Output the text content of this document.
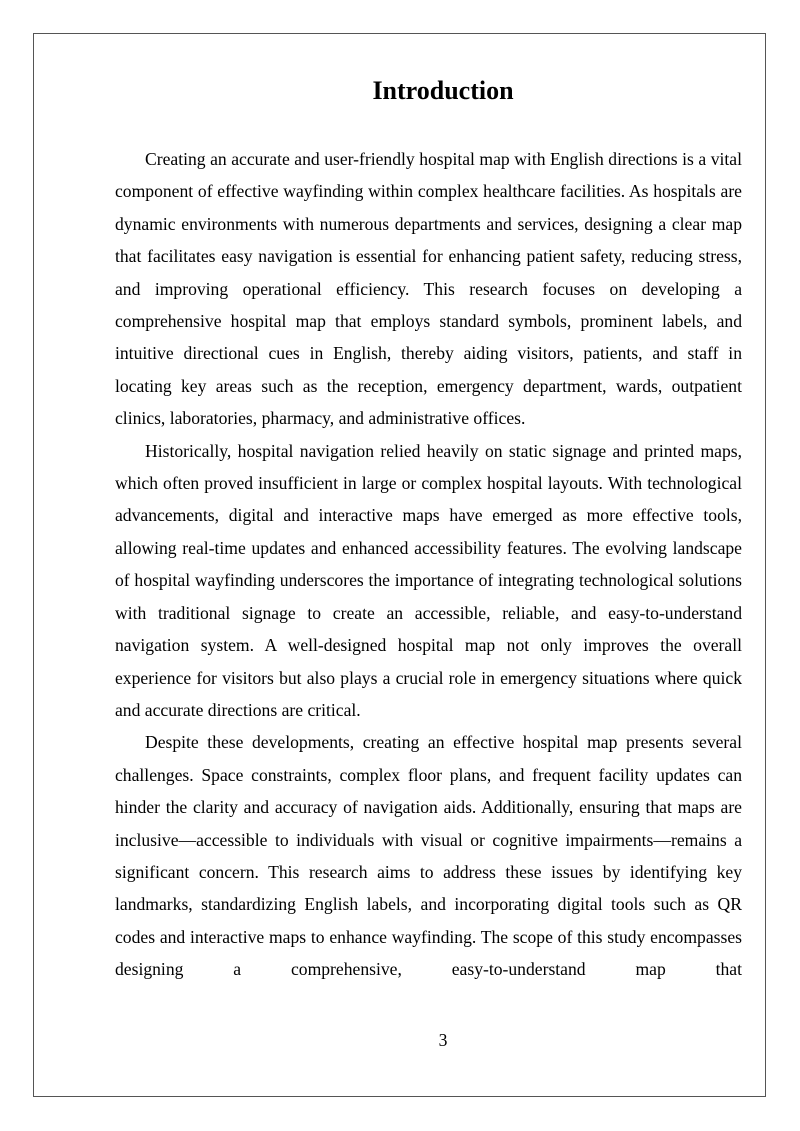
Introduction

Creating an accurate and user-friendly hospital map with English directions is a vital component of effective wayfinding within complex healthcare facilities. As hospitals are dynamic environments with numerous departments and services, designing a clear map that facilitates easy navigation is essential for enhancing patient safety, reducing stress, and improving operational efficiency. This research focuses on developing a comprehensive hospital map that employs standard symbols, prominent labels, and intuitive directional cues in English, thereby aiding visitors, patients, and staff in locating key areas such as the reception, emergency department, wards, outpatient clinics, laboratories, pharmacy, and administrative offices.

Historically, hospital navigation relied heavily on static signage and printed maps, which often proved insufficient in large or complex hospital layouts. With technological advancements, digital and interactive maps have emerged as more effective tools, allowing real-time updates and enhanced accessibility features. The evolving landscape of hospital wayfinding underscores the importance of integrating technological solutions with traditional signage to create an accessible, reliable, and easy-to-understand navigation system. A well-designed hospital map not only improves the overall experience for visitors but also plays a crucial role in emergency situations where quick and accurate directions are critical.

Despite these developments, creating an effective hospital map presents several challenges. Space constraints, complex floor plans, and frequent facility updates can hinder the clarity and accuracy of navigation aids. Additionally, ensuring that maps are inclusive—accessible to individuals with visual or cognitive impairments—remains a significant concern. This research aims to address these issues by identifying key landmarks, standardizing English labels, and incorporating digital tools such as QR codes and interactive maps to enhance wayfinding. The scope of this study encompasses designing a comprehensive, easy-to-understand map that

3
